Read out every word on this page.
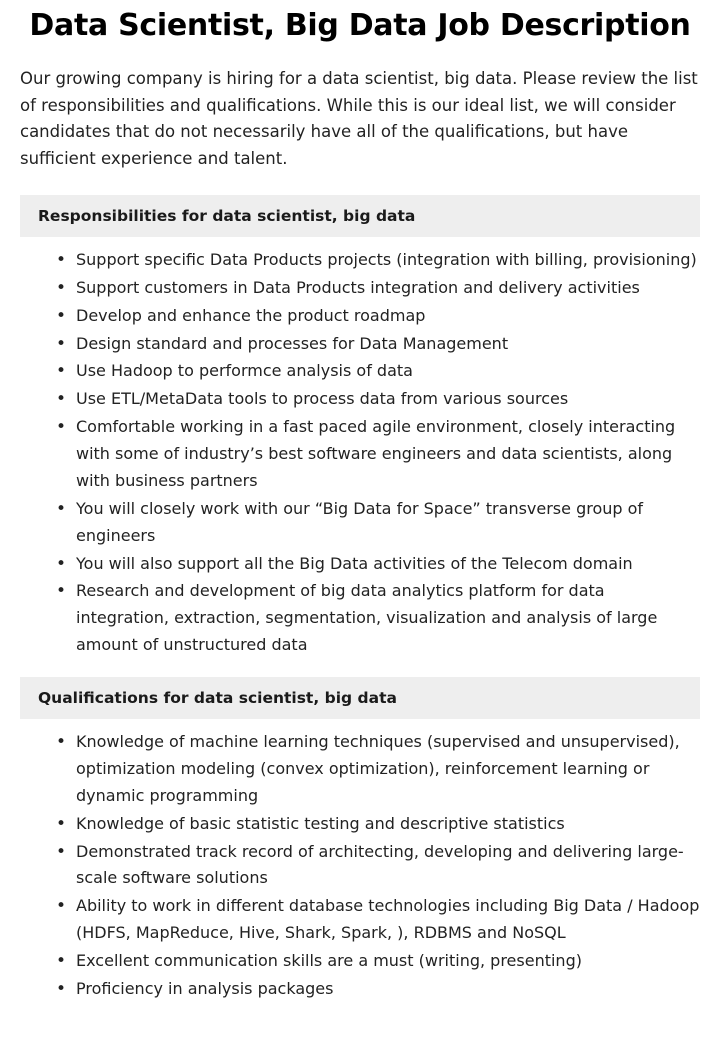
Data Scientist, Big Data Job Description

Our growing company is hiring for a data scientist, big data. Please review the list of responsibilities and qualifications. While this is our ideal list, we will consider candidates that do not necessarily have all of the qualifications, but have sufficient experience and talent.

Responsibilities for data scientist, big data
• Support specific Data Products projects (integration with billing, provisioning)
• Support customers in Data Products integration and delivery activities
• Develop and enhance the product roadmap
• Design standard and processes for Data Management
• Use Hadoop to performce analysis of data
• Use ETL/MetaData tools to process data from various sources
• Comfortable working in a fast paced agile environment, closely interacting with some of industry’s best software engineers and data scientists, along with business partners
• You will closely work with our “Big Data for Space” transverse group of engineers
• You will also support all the Big Data activities of the Telecom domain
• Research and development of big data analytics platform for data integration, extraction, segmentation, visualization and analysis of large amount of unstructured data
Qualifications for data scientist, big data
• Knowledge of machine learning techniques (supervised and unsupervised), optimization modeling (convex optimization), reinforcement learning or dynamic programming
• Knowledge of basic statistic testing and descriptive statistics
• Demonstrated track record of architecting, developing and delivering large-scale software solutions
• Ability to work in different database technologies including Big Data / Hadoop (HDFS, MapReduce, Hive, Shark, Spark, ), RDBMS and NoSQL
• Excellent communication skills are a must (writing, presenting)
• Proficiency in analysis packages
